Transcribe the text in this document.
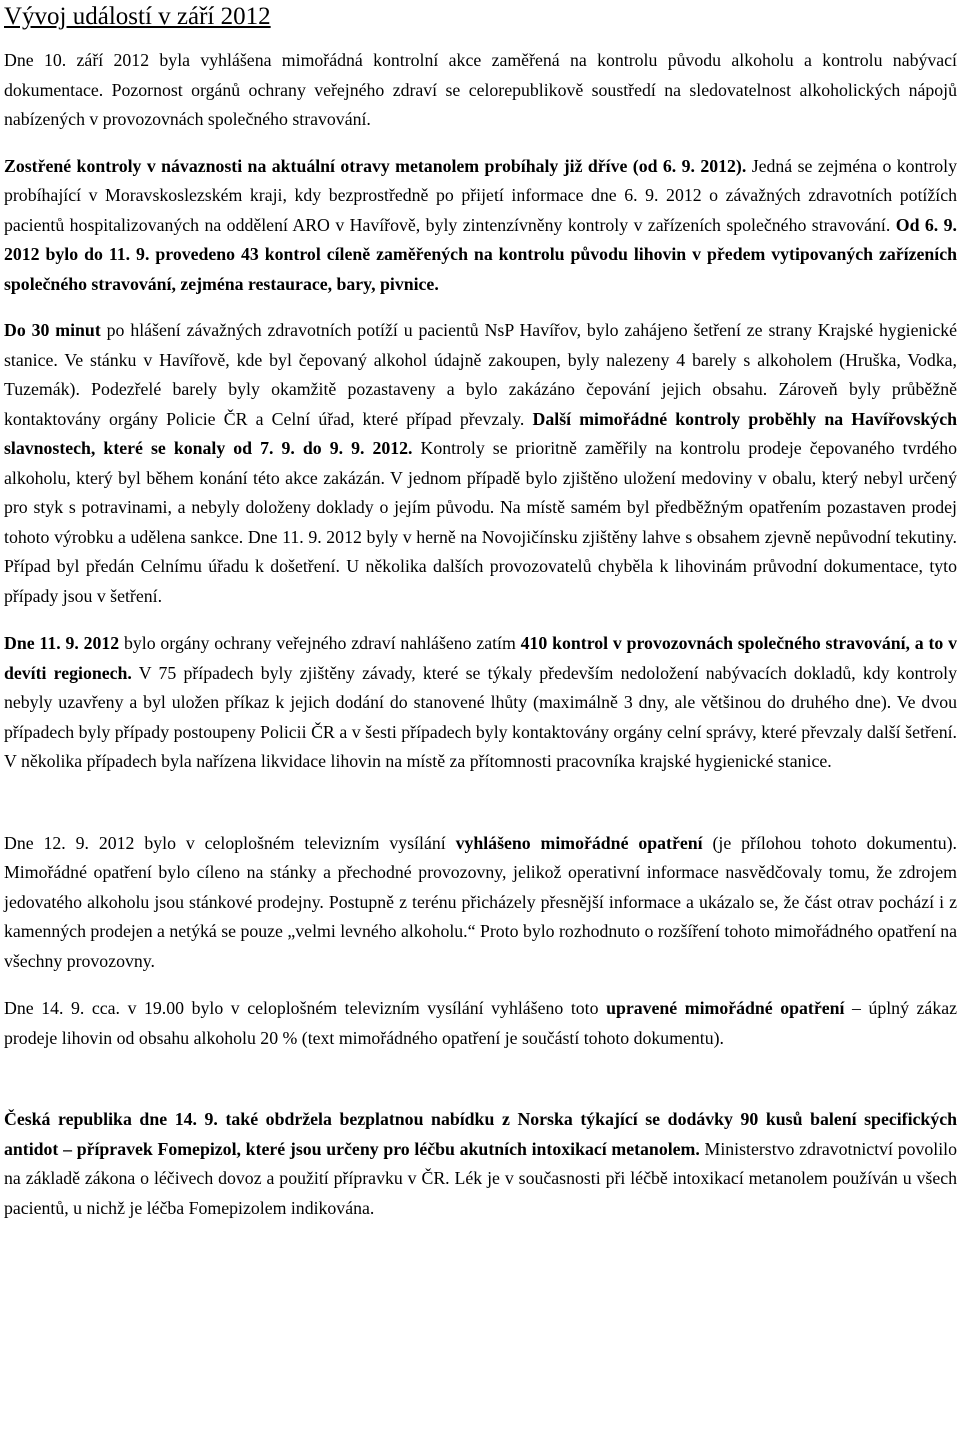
Vývoj událostí v září 2012

Dne 10. září 2012 byla vyhlášena mimořádná kontrolní akce zaměřená na kontrolu původu alkoholu a kontrolu nabývací dokumentace. Pozornost orgánů ochrany veřejného zdraví se celorepublikově soustředí na sledovatelnost alkoholických nápojů nabízených v provozovnách společného stravování.

Zostřené kontroly v návaznosti na aktuální otravy metanolem probíhaly již dříve (od 6. 9. 2012). Jedná se zejména o kontroly probíhající v Moravskoslezském kraji, kdy bezprostředně po přijetí informace dne 6. 9. 2012 o závažných zdravotních potížích pacientů hospitalizovaných na oddělení ARO v Havířově, byly zintenzívněny kontroly v zařízeních společného stravování. Od 6. 9. 2012 bylo do 11. 9. provedeno 43 kontrol cíleně zaměřených na kontrolu původu lihovin v předem vytipovaných zařízeních společného stravování, zejména restaurace, bary, pivnice.

Do 30 minut po hlášení závažných zdravotních potíží u pacientů NsP Havířov, bylo zahájeno šetření ze strany Krajské hygienické stanice. Ve stánku v Havířově, kde byl čepovaný alkohol údajně zakoupen, byly nalezeny 4 barely s alkoholem (Hruška, Vodka, Tuzemák). Podezřelé barely byly okamžitě pozastaveny a bylo zakázáno čepování jejich obsahu. Zároveň byly průběžně kontaktovány orgány Policie ČR a Celní úřad, které případ převzaly. Další mimořádné kontroly proběhly na Havířovských slavnostech, které se konaly od 7. 9. do 9. 9. 2012. Kontroly se prioritně zaměřily na kontrolu prodeje čepovaného tvrdého alkoholu, který byl během konání této akce zakázán. V jednom případě bylo zjištěno uložení medoviny v obalu, který nebyl určený pro styk s potravinami, a nebyly doloženy doklady o jejím původu. Na místě samém byl předběžným opatřením pozastaven prodej tohoto výrobku a udělena sankce. Dne 11. 9. 2012 byly v herně na Novojičínsku zjištěny lahve s obsahem zjevně nepůvodní tekutiny. Případ byl předán Celnímu úřadu k došetření. U několika dalších provozovatelů chyběla k lihovinám průvodní dokumentace, tyto případy jsou v šetření.

Dne 11. 9. 2012 bylo orgány ochrany veřejného zdraví nahlášeno zatím 410 kontrol v provozovnách společného stravování, a to v devíti regionech. V 75 případech byly zjištěny závady, které se týkaly především nedoložení nabývacích dokladů, kdy kontroly nebyly uzavřeny a byl uložen příkaz k jejich dodání do stanovené lhůty (maximálně 3 dny, ale většinou do druhého dne). Ve dvou případech byly případy postoupeny Policii ČR a v šesti případech byly kontaktovány orgány celní správy, které převzaly další šetření. V několika případech byla nařízena likvidace lihovin na místě za přítomnosti pracovníka krajské hygienické stanice.

Dne 12. 9. 2012 bylo v celoplošném televizním vysílání vyhlášeno mimořádné opatření (je přílohou tohoto dokumentu). Mimořádné opatření bylo cíleno na stánky a přechodné provozovny, jelikož operativní informace nasvědčovaly tomu, že zdrojem jedovatého alkoholu jsou stánkové prodejny. Postupně z terénu přicházely přesnější informace a ukázalo se, že část otrav pochází i z kamenných prodejen a netýká se pouze „velmi levného alkoholu.“ Proto bylo rozhodnuto o rozšíření tohoto mimořádného opatření na všechny provozovny.

Dne 14. 9. cca. v 19.00 bylo v celoplošném televizním vysílání vyhlášeno toto upravené mimořádné opatření – úplný zákaz prodeje lihovin od obsahu alkoholu 20 % (text mimořádného opatření je součástí tohoto dokumentu).

Česká republika dne 14. 9. také obdržela bezplatnou nabídku z Norska týkající se dodávky 90 kusů balení specifických antidot – přípravek Fomepizol, které jsou určeny pro léčbu akutních intoxikací metanolem. Ministerstvo zdravotnictví povolilo na základě zákona o léčivech dovoz a použití přípravku v ČR. Lék je v současnosti při léčbě intoxikací metanolem používán u všech pacientů, u nichž je léčba Fomepizolem indikována.
